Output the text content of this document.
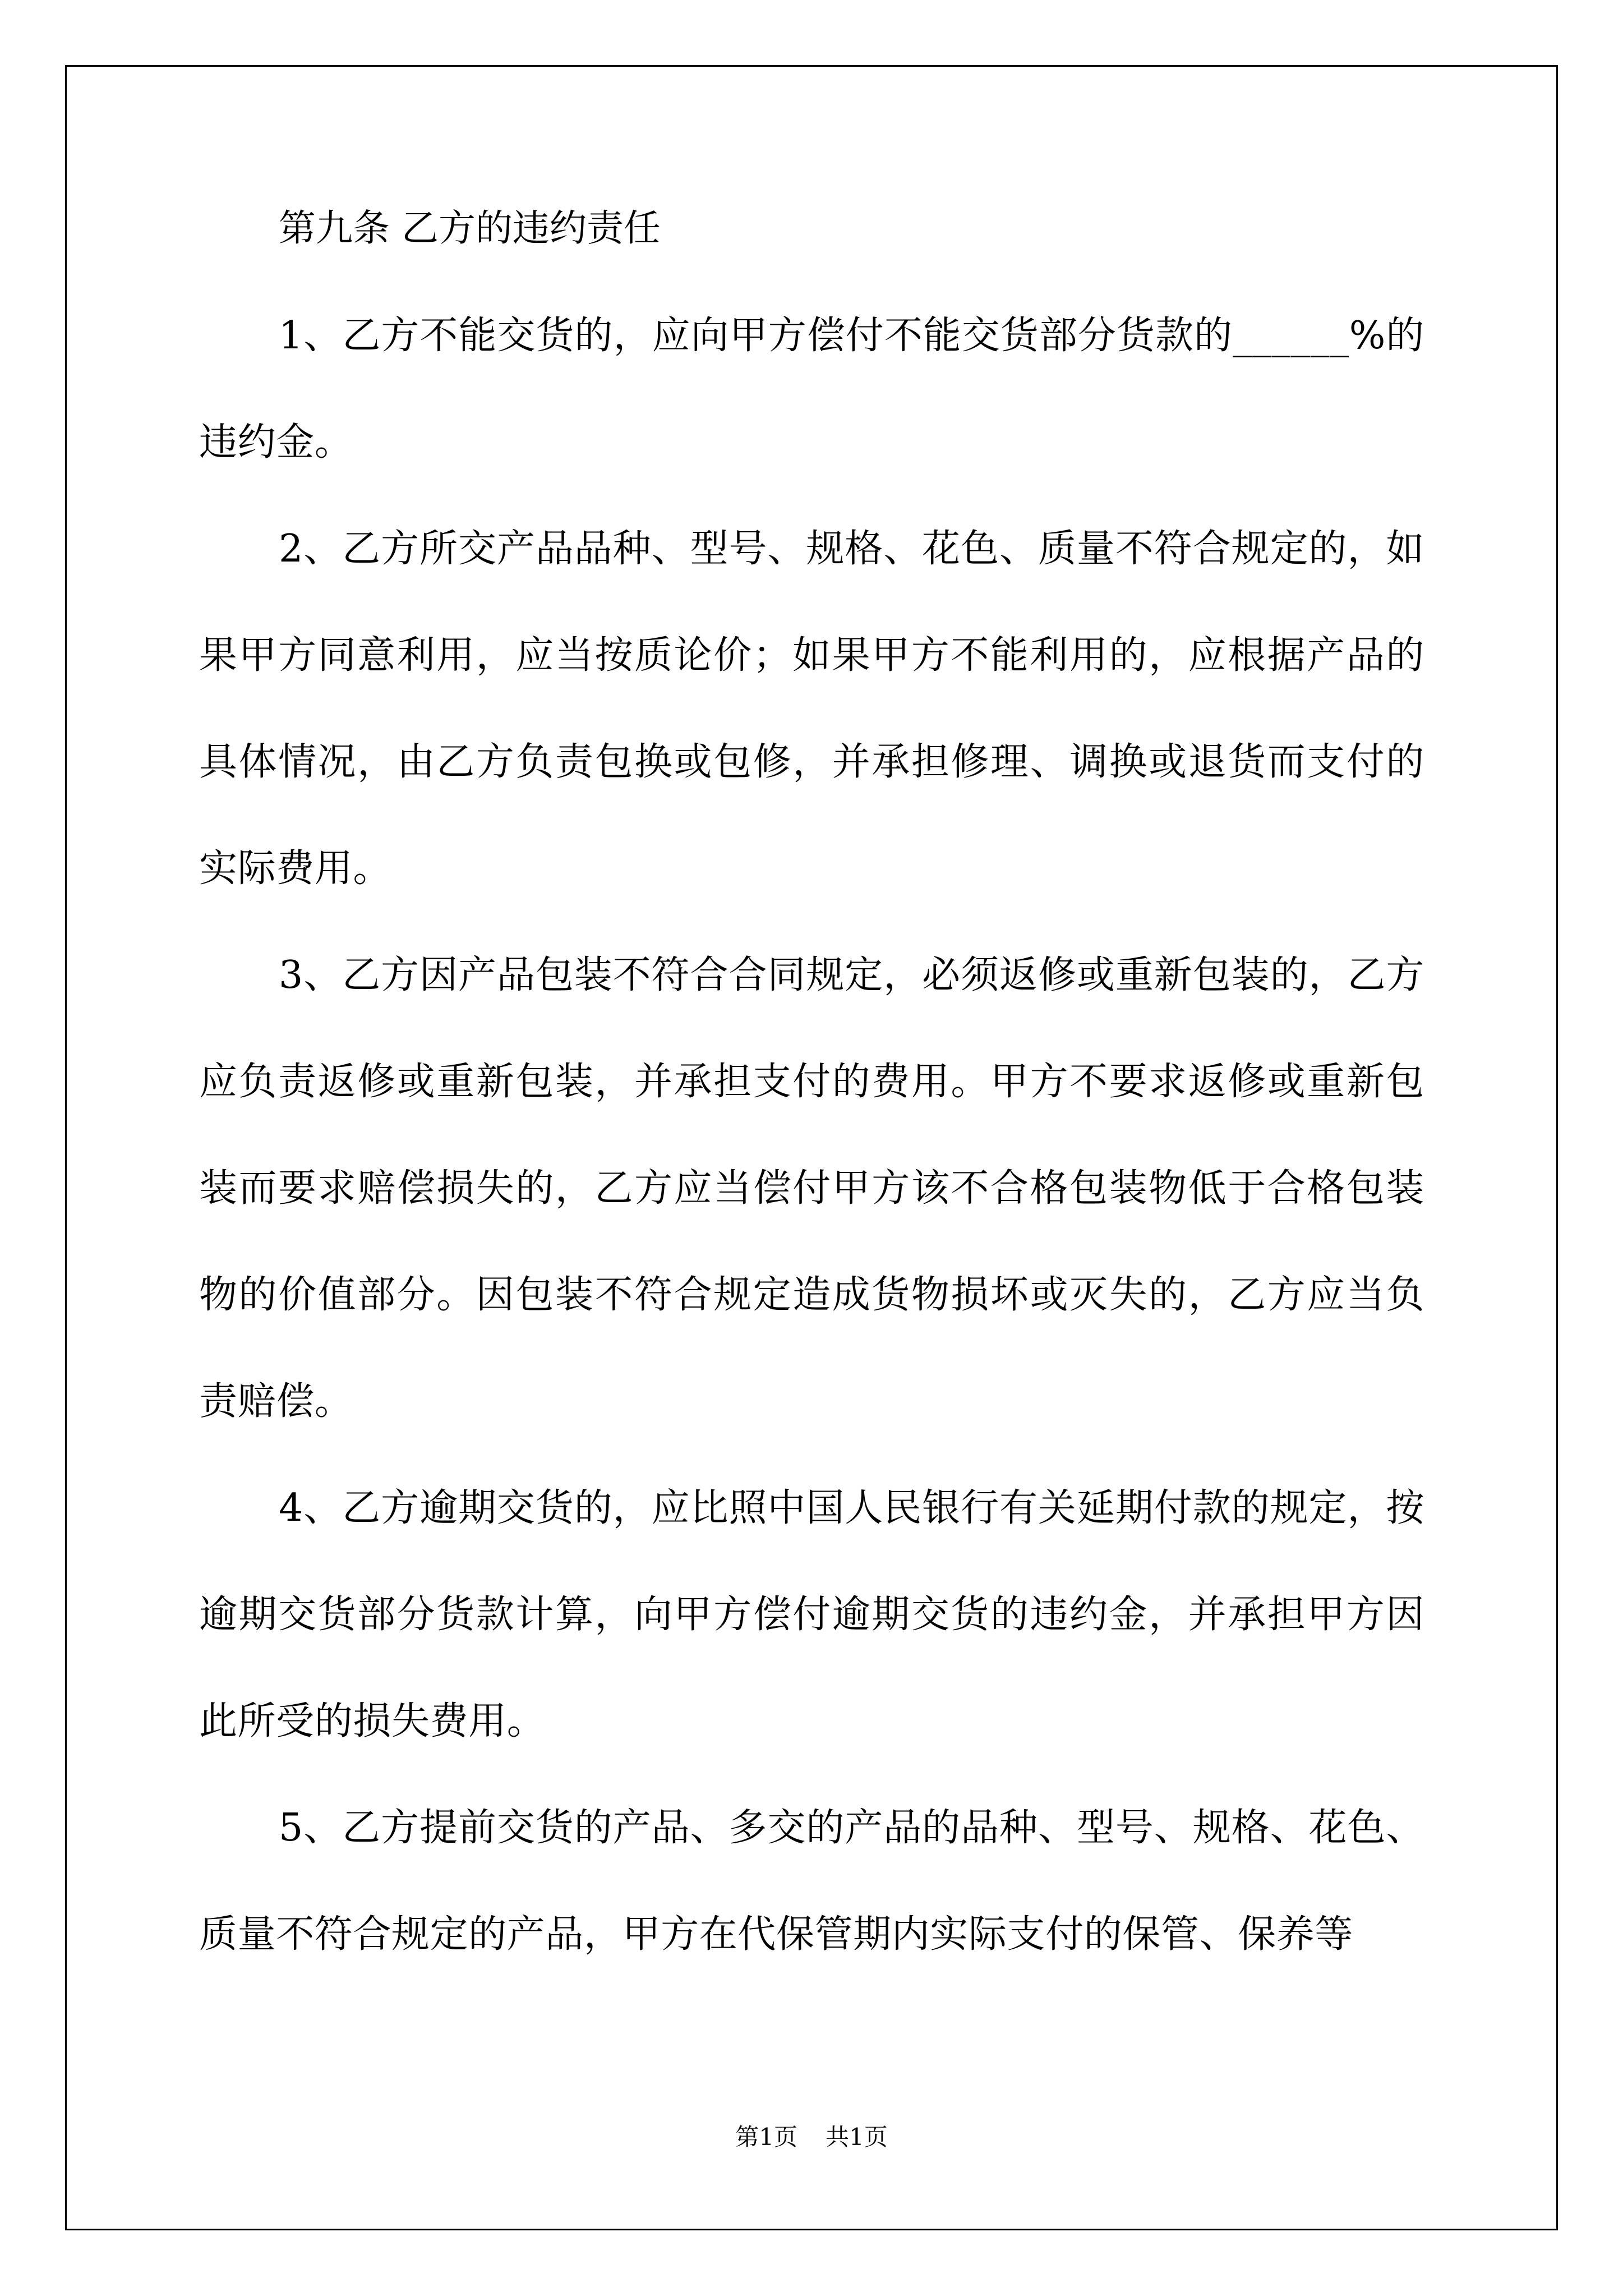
第九条 乙方的违约责任

1、乙方不能交货的，应向甲方偿付不能交货部分货款的______%的违约金。

2、乙方所交产品品种、型号、规格、花色、质量不符合规定的，如果甲方同意利用，应当按质论价；如果甲方不能利用的，应根据产品的具体情况，由乙方负责包换或包修，并承担修理、调换或退货而支付的实际费用。

3、乙方因产品包装不符合合同规定，必须返修或重新包装的，乙方应负责返修或重新包装，并承担支付的费用。甲方不要求返修或重新包装而要求赔偿损失的，乙方应当偿付甲方该不合格包装物低于合格包装物的价值部分。因包装不符合规定造成货物损坏或灭失的，乙方应当负责赔偿。

4、乙方逾期交货的，应比照中国人民银行有关延期付款的规定，按逾期交货部分货款计算，向甲方偿付逾期交货的违约金，并承担甲方因此所受的损失费用。

5、乙方提前交货的产品、多交的产品的品种、型号、规格、花色、质量不符合规定的产品，甲方在代保管期内实际支付的保管、保养等

第1页 共1页
